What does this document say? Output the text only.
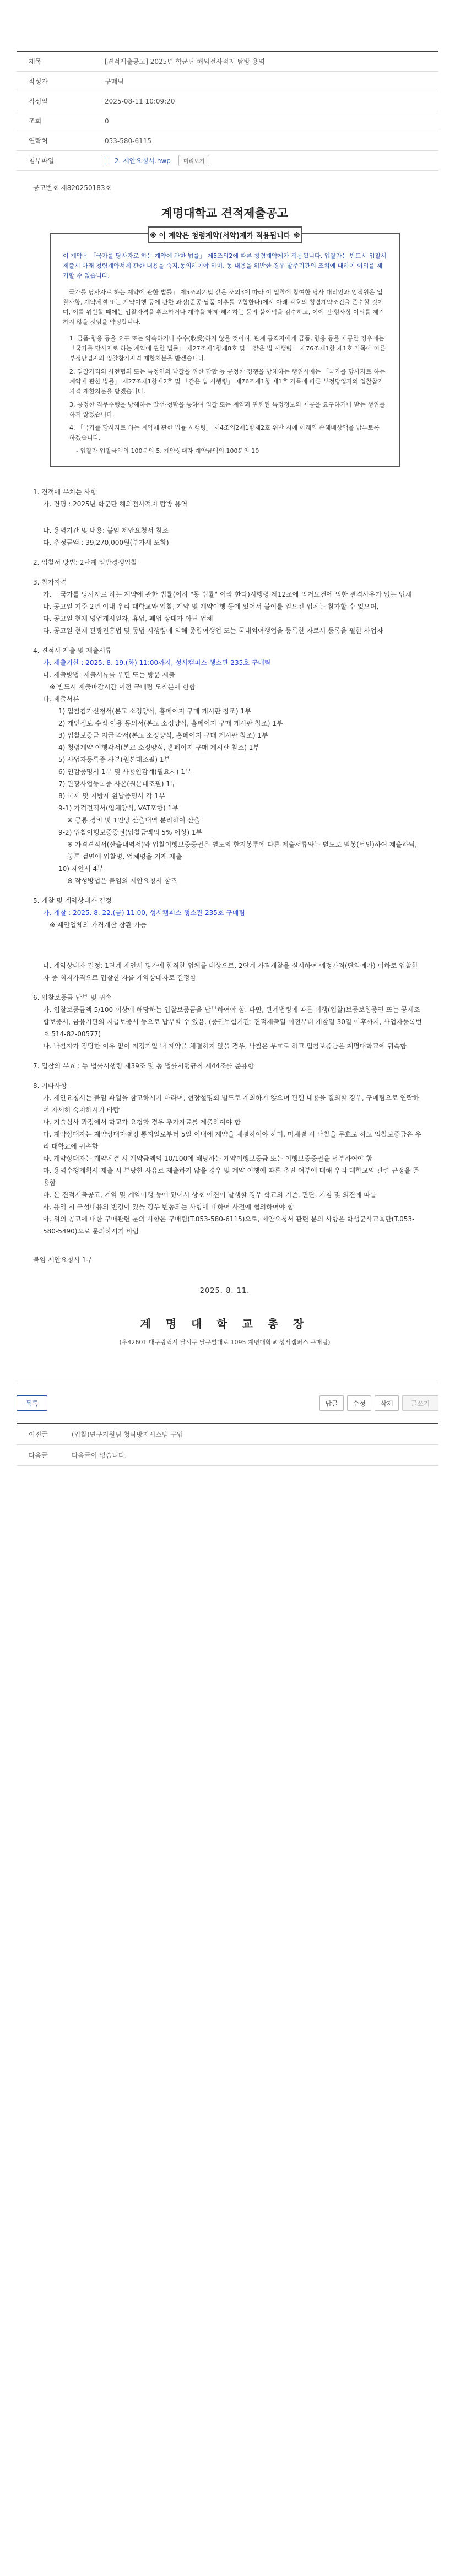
제목	[견적제출공고] 2025년 학군단 해외전사적지 탐방 용역
작성자	구매팀
작성일	2025-08-11 10:09:20
조회	0
연락처	053-580-6115
첨부파일	2. 제안요청서.hwp 미리보기
공고번호 제820250183호
계명대학교 견적제출공고
※ 이 계약은 청렴계약(서약)제가 적용됩니다 ※

이 계약은 「국가를 당사자로 하는 계약에 관한 법률」 제5조의2에 따른 청렴계약제가 적용됩니다. 입찰자는 반드시 입찰서 제출시 아래 청렴계약서에 관한 내용을 숙지,동의하여야 하며, 동 내용을 위반한 경우 발주기관의 조치에 대하여 이의를 제기할 수 없습니다.

「국가를 당사자로 하는 계약에 관한 법률」 제5조의2 및 같은 조의3에 따라 이 입찰에 참여한 당사 대리인과 임직원은 입찰사항, 계약체결 또는 계약이행 등에 관한 과정(준공·납품 이후를 포함한다)에서 아래 각호의 청렴계약조건을 준수할 것이며, 이를 위반할 때에는 입찰자격을 취소하거나 계약을 해제·해지하는 등의 불이익을 감수하고, 이에 민·형사상 이의를 제기하지 않을 것임을 약정합니다.

1. 금품·향응 등을 요구 또는 약속하거나 수수(收受)하지 않을 것이며, 관계 공직자에게 금품, 향응 등을 제공한 경우에는 「국가를 당사자로 하는 계약에 관한 법률」 제27조제1항제8호 및 「같은 법 시행령」 제76조제1항 제1호 가목에 따른 부정당업자의 입찰참가자격 제한처분을 받겠습니다.
2. 입찰가격의 사전협의 또는 특정인의 낙찰을 위한 담합 등 공정한 경쟁을 방해하는 행위시에는 「국가를 당사자로 하는 계약에 관한 법률」 제27조제1항제2호 및 「같은 법 시행령」 제76조제1항 제1호 가목에 따른 부정당업자의 입찰참가자격 제한처분을 받겠습니다.
3. 공정한 직무수행을 방해하는 알선·청탁을 통하여 입찰 또는 계약과 관련된 특정정보의 제공을 요구하거나 받는 행위를 하지 않겠습니다.
4. 「국가를 당사자로 하는 계약에 관한 법률 시행령」 제4조의2제1항제2호 위반 시에 아래의 손해배상액을 납부토록 하겠습니다.
- 입찰자 입찰금액의 100분의 5, 계약상대자 계약금액의 100분의 10
1. 견적에 부치는 사항
가. 건명 : 2025년 학군단 해외전사적지 탐방 용역
나. 용역기간 및 내용: 붙임 제안요청서 참조
다. 추정금액 : 39,270,000원(부가세 포함)
2. 입찰서 방법: 2단계 일반경쟁입찰
3. 참가자격
가. 「국가를 당사자로 하는 계약에 관한 법률(이하 "동 법률" 이라 한다)시행령 제12조에 의거요건에 의한 결격사유가 없는 업체
나. 공고일 기준 2년 이내 우리 대학교와 입찰, 계약 및 계약이행 등에 있어서 불이를 일으킨 업체는 참가할 수 없으며,
다. 공고일 현재 영업개시일자, 휴업, 폐업 상태가 아닌 업체
라. 공고일 현재 관광진흥법 및 동법 시행령에 의해 종합여행업 또는 국내외여행업을 등록한 자로서 등록을 필한 사업자
4. 견적서 제출 및 제출서류
가. 제출기한 : 2025. 8. 19.(화) 11:00까지, 성서캠퍼스 행소관 235호 구매팀
나. 제출방법: 제출서류를 우편 또는 방문 제출
※ 반드시 제출마감시간 이전 구매팀 도착분에 한함
다. 제출서류
1) 입찰참가신청서(본교 소정양식, 홈페이지 구매 게시판 참조) 1부
2) 개인정보 수집·이용 동의서(본교 소정양식, 홈페이지 구매 게시판 참조) 1부
3) 입찰보증금 지급 각서(본교 소정양식, 홈페이지 구매 게시판 참조) 1부
4) 청렴계약 이행각서(본교 소정양식, 홈페이지 구매 게시판 참조) 1부
5) 사업자등록증 사본(원본대조필) 1부
6) 인감증명서 1부 및 사용인감계(필요시) 1부
7) 관광사업등록증 사본(원본대조필) 1부
8) 국세 및 지방세 완납증명서 각 1부
9-1) 가격견적서(업체양식, VAT포함) 1부
※ 공통 경비 및 1인당 산출내역 분리하여 산출
9-2) 입찰이행보증증권(입찰금액의 5% 이상) 1부
※ 가격견적서(산출내역서)와 입찰이행보증증권은 별도의 한지봉투에 다른 제출서류와는 별도로 밀봉(날인)하여 제출하되, 봉투 겉면에 입찰명, 업체명을 기재 제출
10) 제안서 4부
※ 작성방법은 붙임의 제안요청서 참조
5. 개찰 및 계약상대자 결정
가. 개찰 : 2025. 8. 22.(금) 11:00, 성서캠퍼스 행소관 235호 구매팀
※ 제안업체의 가격개찰 참관 가능
나. 계약상대자 결정: 1단계 제안서 평가에 합격한 업체를 대상으로, 2단계 가격개찰을 실시하여 예정가격(단일예가) 이하로 입찰한 자 중 최저가격으로 입찰한 자를 계약상대자로 결정함
6. 입찰보증금 납부 및 귀속
가. 입찰보증금액 5/100 이상에 해당하는 입찰보증금을 납부하여야 함. 다만, 관계법령에 따른 이행(입찰)보증보험증권 또는 공제조합보증서, 금융기관의 지급보증서 등으로 납부할 수 있음. (증권보험기간: 견적제출일 이전부터 개찰일 30일 이후까지, 사업자등록번호 514-82-00577)
나. 낙찰자가 정당한 이유 없이 지정기일 내 계약을 체결하지 않을 경우, 낙찰은 무효로 하고 입찰보증금은 계명대학교에 귀속함
7. 입찰의 무효 : 동 법률시행령 제39조 및 동 법률시행규칙 제44조를 준용함
8. 기타사항
가. 제안요청서는 붙임 파일을 참고하시기 바라며, 현장설명회 별도로 개최하지 않으며 관련 내용을 질의할 경우, 구매팀으로 연락하여 자세히 숙지하시기 바람
나. 기술심사 과정에서 학교가 요청할 경우 추가자료를 제출하여야 함
다. 계약상대자는 계약상대자결정 통지일로부터 5일 이내에 계약을 체결하여야 하며, 미체결 시 낙찰을 무효로 하고 입찰보증금은 우리 대학교에 귀속함
라. 계약상대자는 계약체결 시 계약금액의 10/100에 해당하는 계약이행보증금 또는 이행보증증권을 납부하여야 함
마. 용역수행계획서 제출 시 부당한 사유로 제출하지 않을 경우 및 계약 이행에 따른 추진 여부에 대해 우리 대학교의 관련 규정을 준용함
바. 본 견적제출공고, 계약 및 계약이행 등에 있어서 상호 이견이 발생할 경우 학교의 기준, 판단, 지침 및 의견에 따름
사. 용역 시 구성내용의 변경이 있을 경우 변동되는 사항에 대하여 사전에 협의하여야 함
아. 위의 공고에 대한 구매관련 문의 사항은 구매팀(T.053-580-6115)으로, 제안요청서 관련 문의 사항은 학생군사교육단(T.053-580-5490)으로 문의하시기 바람
붙임 제안요청서 1부
2025. 8. 11.
계 명 대 학 교 총 장
(우42601 대구광역시 달서구 달구벌대로 1095 계명대학교 성서캠퍼스 구매팀)
목록	답글	수정	삭제	글쓰기
이전글	(입찰)연구지원팀 청탁방지시스템 구입
다음글	다음글이 없습니다.
